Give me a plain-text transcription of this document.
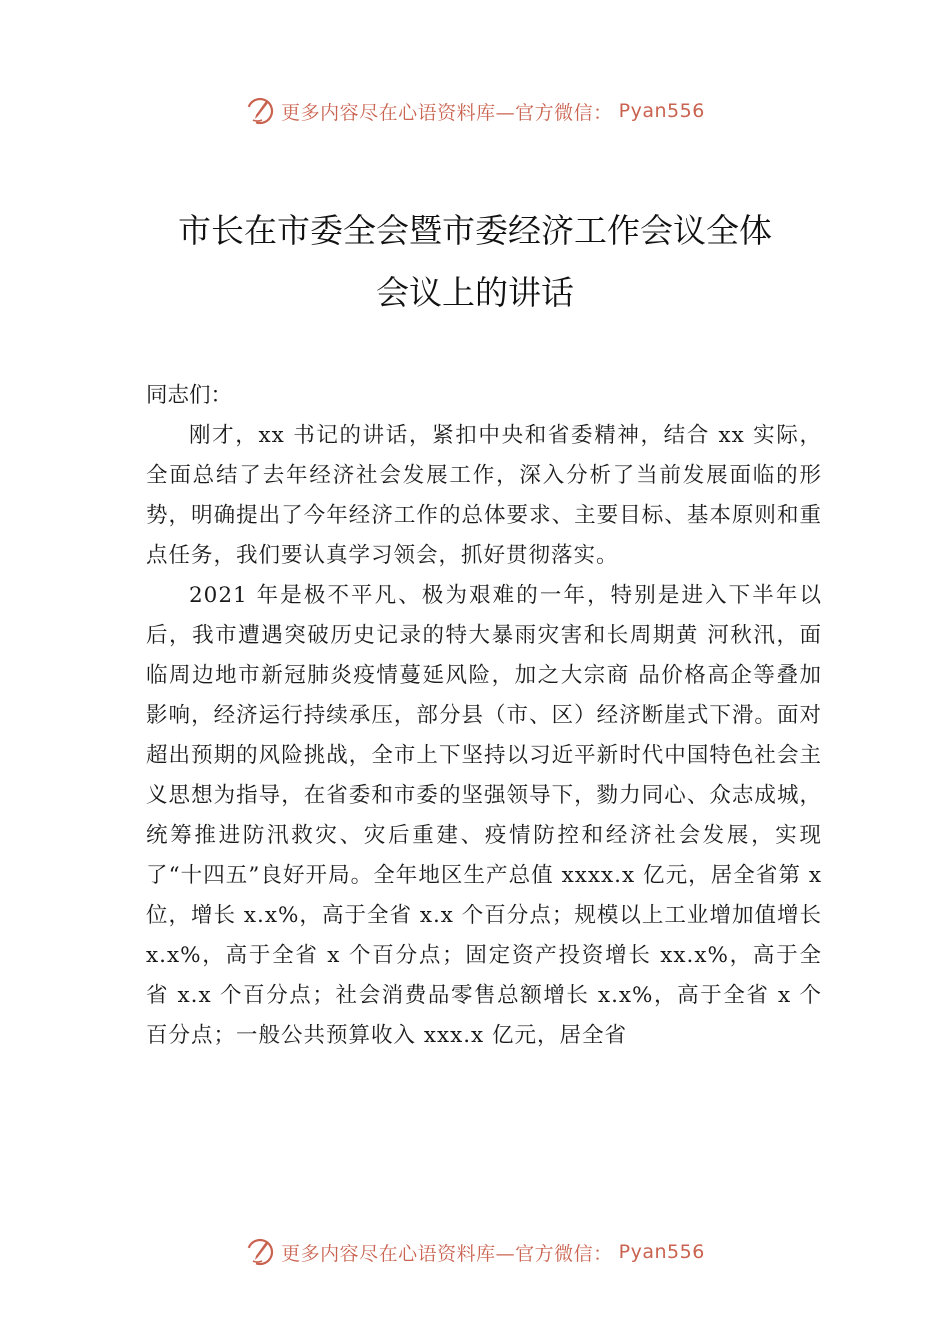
更多内容尽在心语资料库—官方微信： Pyan556
市长在市委全会暨市委经济工作会议全体
会议上的讲话

同志们：

刚才，xx 书记的讲话，紧扣中央和省委精神，结合 xx 实际，全面总结了去年经济社会发展工作，深入分析了当前发展面临的形势，明确提出了今年经济工作的总体要求、主要目标、基本原则和重点任务，我们要认真学习领会，抓好贯彻落实。

2021 年是极不平凡、极为艰难的一年，特别是进入下半年以后，我市遭遇突破历史记录的特大暴雨灾害和长周期黄 河秋汛，面临周边地市新冠肺炎疫情蔓延风险，加之大宗商 品价格高企等叠加影响，经济运行持续承压，部分县（市、区）经济断崖式下滑。面对超出预期的风险挑战，全市上下坚持以习近平新时代中国特色社会主义思想为指导，在省委和市委的坚强领导下，勠力同心、众志成城，统筹推进防汛救灾、灾后重建、疫情防控和经济社会发展，实现了“十四五”良好开局。全年地区生产总值 xxxx.x 亿元，居全省第 x 位，增长 x.x%，高于全省 x.x 个百分点；规模以上工业增加值增长 x.x%，高于全省 x 个百分点；固定资产投资增长 xx.x%，高于全省 x.x 个百分点；社会消费品零售总额增长 x.x%，高于全省 x 个百分点；一般公共预算收入 xxx.x 亿元，居全省

更多内容尽在心语资料库—官方微信： Pyan556
